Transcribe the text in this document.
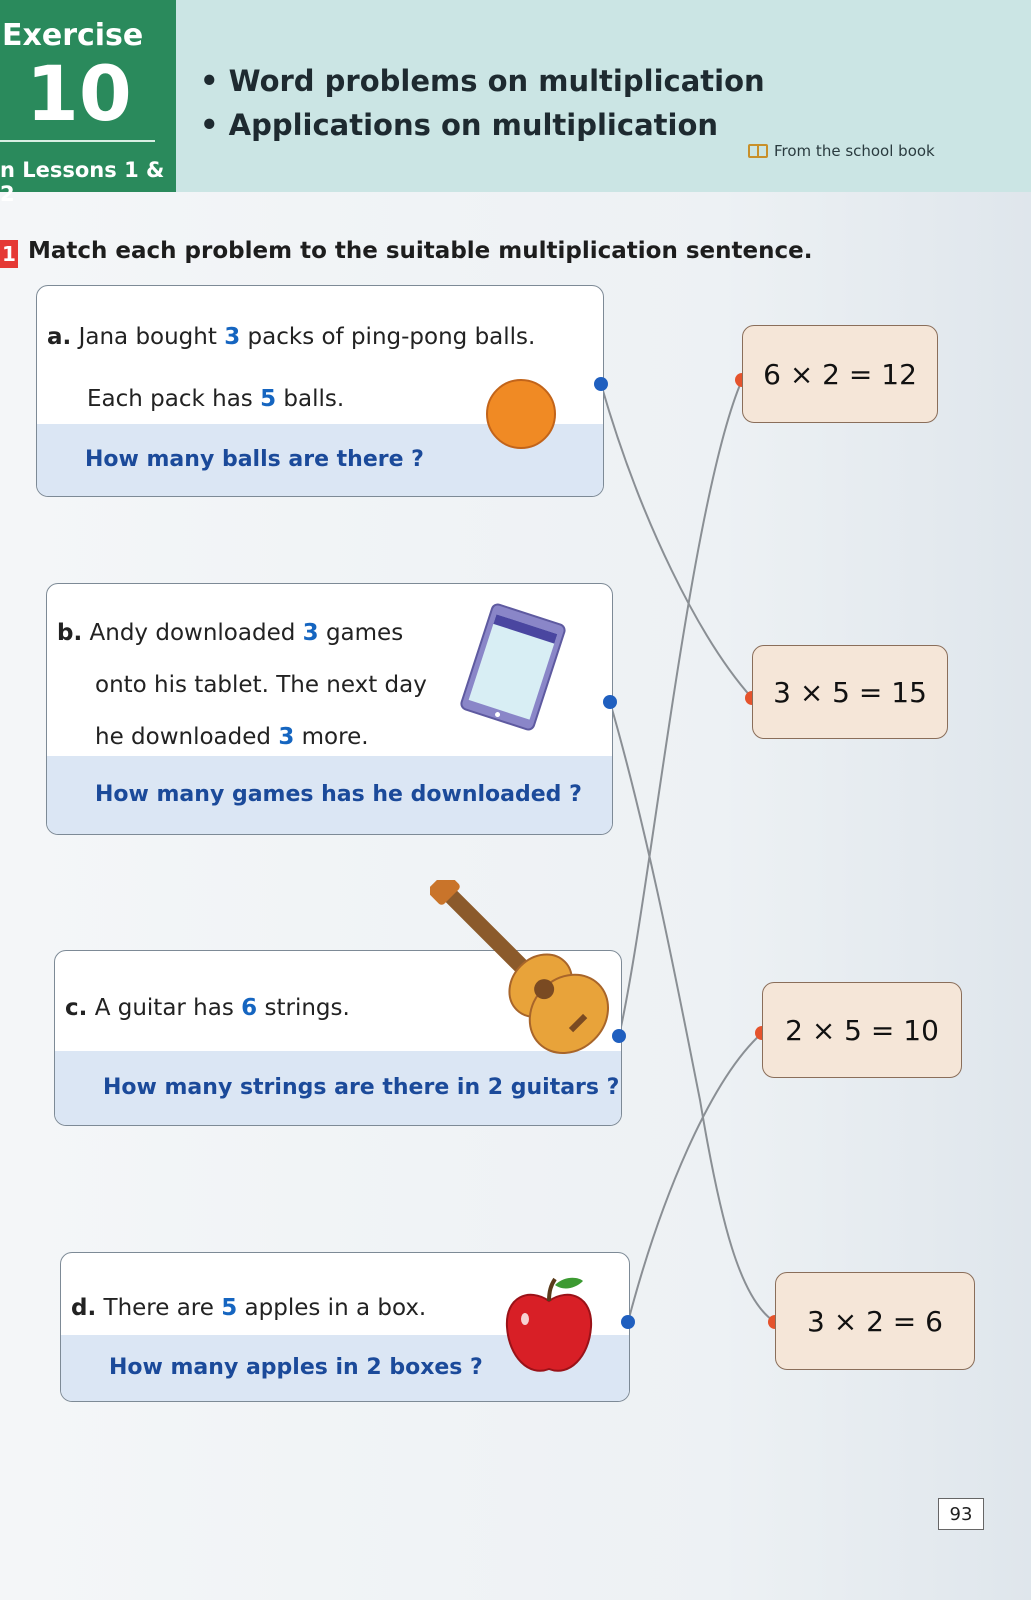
Exercise
10
n Lessons 1 & 2
• Word problems on multiplication
• Applications on multiplication
From the school book
1 Match each problem to the suitable multiplication sentence.
a. Jana bought 3 packs of ping-pong balls.
Each pack has 5 balls.
How many balls are there ?
b. Andy downloaded 3 games
onto his tablet. The next day
he downloaded 3 more.
How many games has he downloaded ?
c. A guitar has 6 strings.
How many strings are there in 2 guitars ?
d. There are 5 apples in a box.
How many apples in 2 boxes ?
6 × 2 = 12
3 × 5 = 15
2 × 5 = 10
3 × 2 = 6
93
